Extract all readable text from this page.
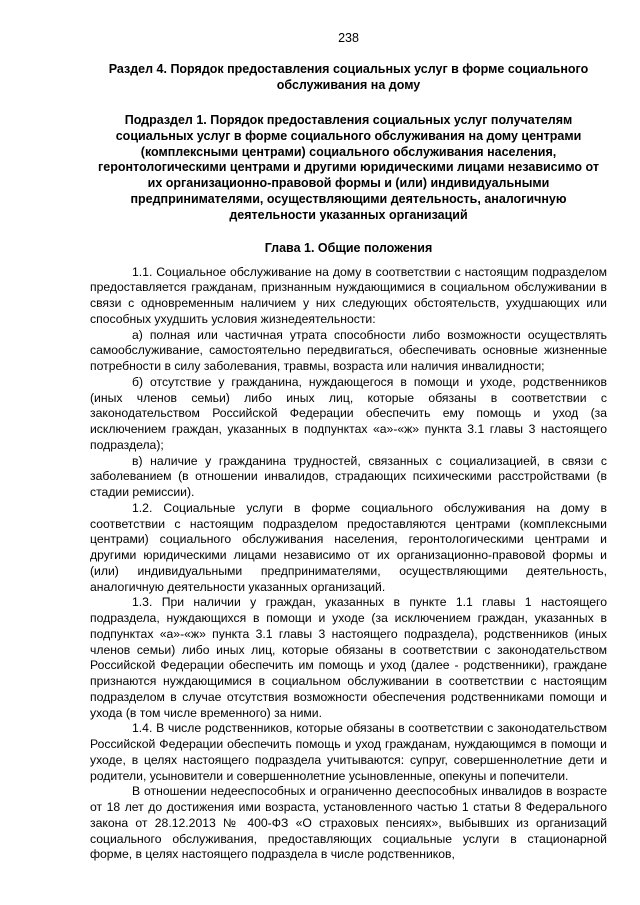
238
Раздел 4. Порядок предоставления социальных услуг в форме социального обслуживания на дому
Подраздел 1. Порядок предоставления социальных услуг получателям социальных услуг в форме социального обслуживания на дому центрами (комплексными центрами) социального обслуживания населения, геронтологическими центрами и другими юридическими лицами независимо от их организационно-правовой формы и (или) индивидуальными предпринимателями, осуществляющими деятельность, аналогичную деятельности указанных организаций
Глава 1. Общие положения

1.1. Социальное обслуживание на дому в соответствии с настоящим подразделом предоставляется гражданам, признанным нуждающимися в социальном обслуживании в связи с одновременным наличием у них следующих обстоятельств, ухудшающих или способных ухудшить условия жизнедеятельности:

а) полная или частичная утрата способности либо возможности осуществлять самообслуживание, самостоятельно передвигаться, обеспечивать основные жизненные потребности в силу заболевания, травмы, возраста или наличия инвалидности;

б) отсутствие у гражданина, нуждающегося в помощи и уходе, родственников (иных членов семьи) либо иных лиц, которые обязаны в соответствии с законодательством Российской Федерации обеспечить ему помощь и уход (за исключением граждан, указанных в подпунктах «а»-«ж» пункта 3.1 главы 3 настоящего подраздела);

в) наличие у гражданина трудностей, связанных с социализацией, в связи с заболеванием (в отношении инвалидов, страдающих психическими расстройствами (в стадии ремиссии).

1.2. Социальные услуги в форме социального обслуживания на дому в соответствии с настоящим подразделом предоставляются центрами (комплексными центрами) социального обслуживания населения, геронтологическими центрами и другими юридическими лицами независимо от их организационно-правовой формы и (или) индивидуальными предпринимателями, осуществляющими деятельность, аналогичную деятельности указанных организаций.

1.3. При наличии у граждан, указанных в пункте 1.1 главы 1 настоящего подраздела, нуждающихся в помощи и уходе (за исключением граждан, указанных в подпунктах «а»-«ж» пункта 3.1 главы 3 настоящего подраздела), родственников (иных членов семьи) либо иных лиц, которые обязаны в соответствии с законодательством Российской Федерации обеспечить им помощь и уход (далее - родственники), граждане признаются нуждающимися в социальном обслуживании в соответствии с настоящим подразделом в случае отсутствия возможности обеспечения родственниками помощи и ухода (в том числе временного) за ними.

1.4. В числе родственников, которые обязаны в соответствии с законодательством Российской Федерации обеспечить помощь и уход гражданам, нуждающимся в помощи и уходе, в целях настоящего подраздела учитываются: супруг, совершеннолетние дети и родители, усыновители и совершеннолетние усыновленные, опекуны и попечители.

В отношении недееспособных и ограниченно дееспособных инвалидов в возрасте от 18 лет до достижения ими возраста, установленного частью 1 статьи 8 Федерального закона от 28.12.2013 № 400-ФЗ «О страховых пенсиях», выбывших из организаций социального обслуживания, предоставляющих социальные услуги в стационарной форме, в целях настоящего подраздела в числе родственников,
